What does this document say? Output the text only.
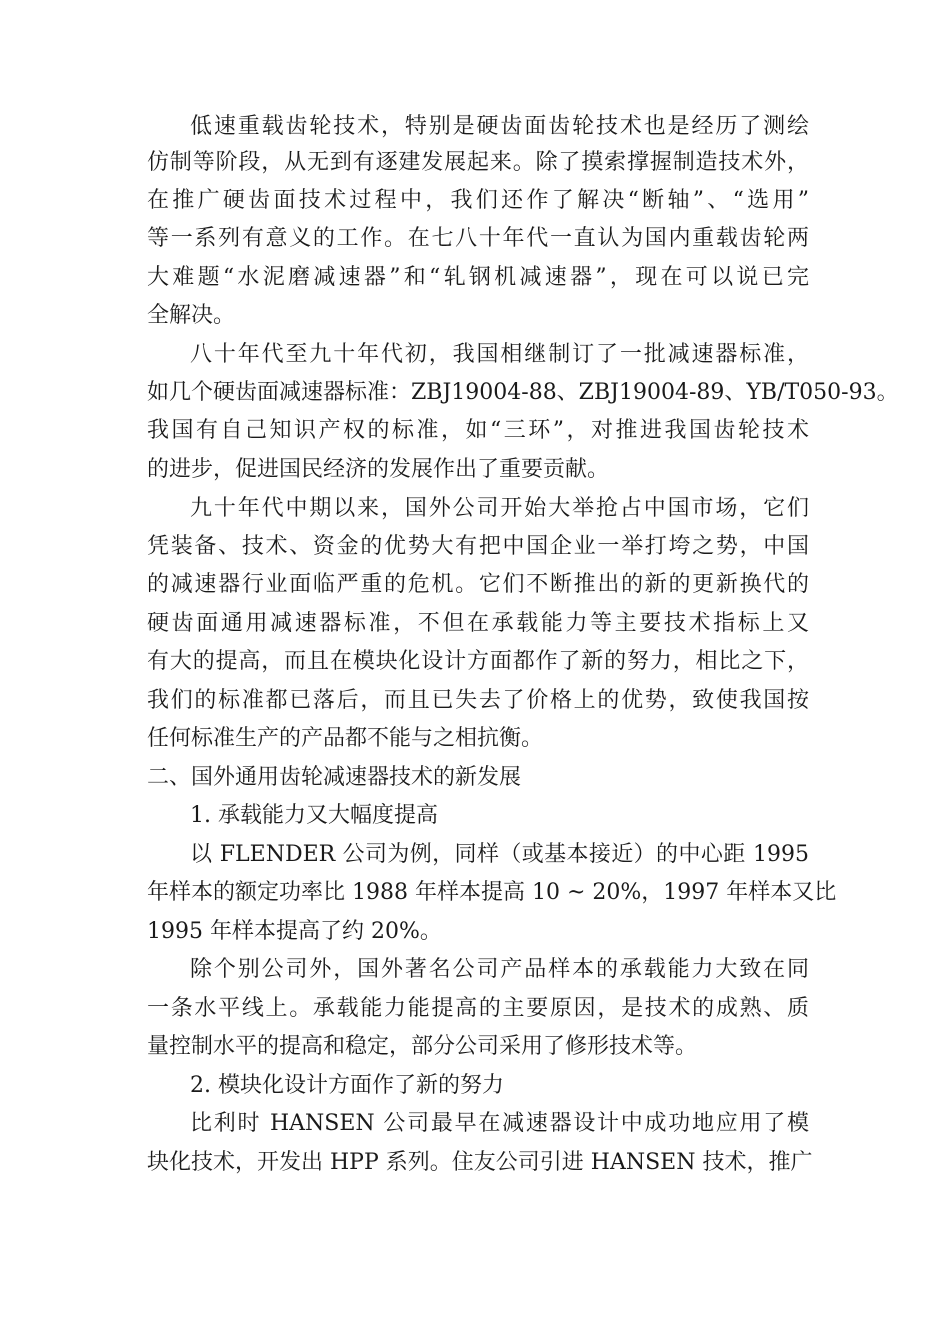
低速重载齿轮技术，特别是硬齿面齿轮技术也是经历了测绘
仿制等阶段，从无到有逐建发展起来。除了摸索撑握制造技术外，
在推广硬齿面技术过程中，我们还作了解决“断轴”、“选用”
等一系列有意义的工作。在七八十年代一直认为国内重载齿轮两
大难题“水泥磨减速器”和“轧钢机减速器”，现在可以说已完
全解决。
八十年代至九十年代初，我国相继制订了一批减速器标准，
如几个硬齿面减速器标准：ZBJ19004-88、ZBJ19004-89、YB/T050-93。
我国有自己知识产权的标准，如“三环”，对推进我国齿轮技术
的进步，促进国民经济的发展作出了重要贡献。
九十年代中期以来，国外公司开始大举抢占中国市场，它们
凭装备、技术、资金的优势大有把中国企业一举打垮之势，中国
的减速器行业面临严重的危机。它们不断推出的新的更新换代的
硬齿面通用减速器标准，不但在承载能力等主要技术指标上又
有大的提高，而且在模块化设计方面都作了新的努力，相比之下，
我们的标准都已落后，而且已失去了价格上的优势，致使我国按
任何标准生产的产品都不能与之相抗衡。
二、国外通用齿轮减速器技术的新发展
1. 承载能力又大幅度提高
以 FLENDER 公司为例，同样（或基本接近）的中心距 1995
年样本的额定功率比 1988 年样本提高 10 ~ 20%，1997 年样本又比
1995 年样本提高了约 20%。
除个别公司外，国外著名公司产品样本的承载能力大致在同
一条水平线上。承载能力能提高的主要原因，是技术的成熟、质
量控制水平的提高和稳定，部分公司采用了修形技术等。
2. 模块化设计方面作了新的努力
比利时 HANSEN 公司最早在减速器设计中成功地应用了模
块化技术，开发出 HPP 系列。住友公司引进 HANSEN 技术，推广
